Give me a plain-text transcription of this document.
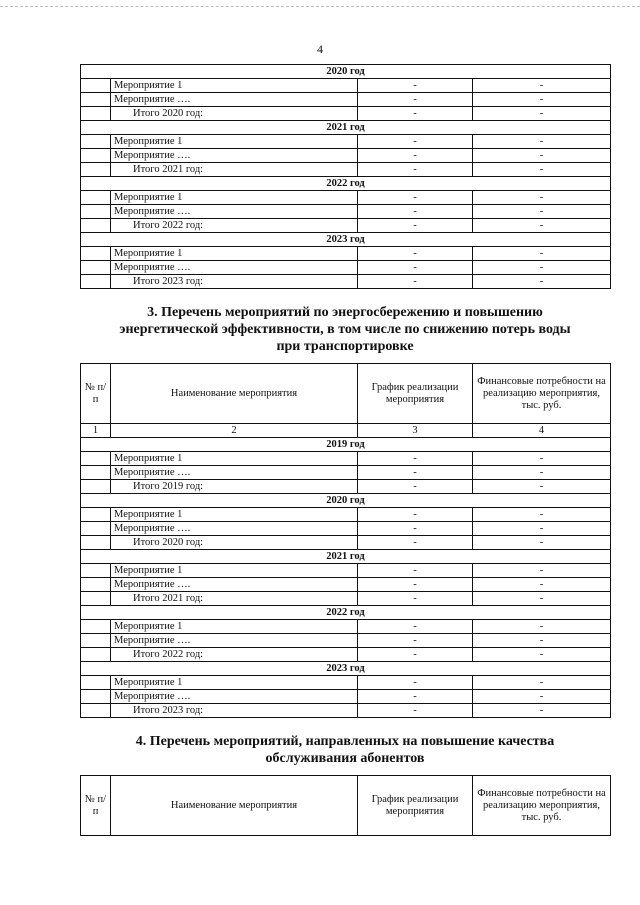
4
2020 год			
	Мероприятие 1	-	-
	Мероприятие ….	-	-
	Итого 2020 год:	-	-
2021 год			
	Мероприятие 1	-	-
	Мероприятие ….	-	-
	Итого 2021 год:	-	-
2022 год			
	Мероприятие 1	-	-
	Мероприятие ….	-	-
	Итого 2022 год:	-	-
2023 год			
	Мероприятие 1	-	-
	Мероприятие ….	-	-
	Итого 2023 год:	-	-
3. Перечень мероприятий по энергосбережению и повышению
энергетической эффективности, в том числе по снижению потерь воды
при транспортировке
№ п/п	Наименование мероприятия	График реализации мероприятия	Финансовые потребности на реализацию мероприятия, тыс. руб.
1	2	3	4
2019 год			
	Мероприятие 1	-	-
	Мероприятие ….	-	-
	Итого 2019 год:	-	-
2020 год			
	Мероприятие 1	-	-
	Мероприятие ….	-	-
	Итого 2020 год:	-	-
2021 год			
	Мероприятие 1	-	-
	Мероприятие ….	-	-
	Итого 2021 год:	-	-
2022 год			
	Мероприятие 1	-	-
	Мероприятие ….	-	-
	Итого 2022 год:	-	-
2023 год			
	Мероприятие 1	-	-
	Мероприятие ….	-	-
	Итого 2023 год:	-	-
4. Перечень мероприятий, направленных на повышение качества
обслуживания абонентов
№ п/п	Наименование мероприятия	График реализации мероприятия	Финансовые потребности на реализацию мероприятия, тыс. руб.
